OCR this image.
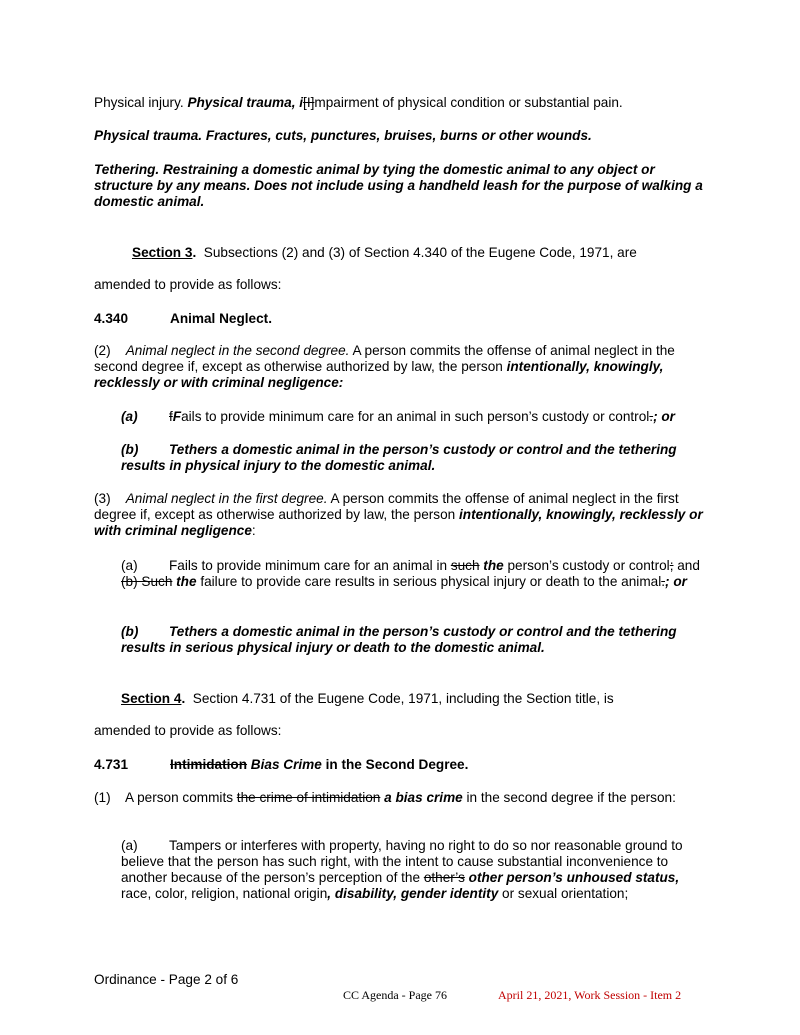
Physical injury. Physical trauma, i[I]mpairment of physical condition or substantial pain.

Physical trauma. Fractures, cuts, punctures, bruises, burns or other wounds.

Tethering. Restraining a domestic animal by tying the domestic animal to any object or structure by any means. Does not include using a handheld leash for the purpose of walking a domestic animal.

Section 3. Subsections (2) and (3) of Section 4.340 of the Eugene Code, 1971, are

amended to provide as follows:

4.340	Animal Neglect.

(2) Animal neglect in the second degree. A person commits the offense of animal neglect in the second degree if, except as otherwise authorized by law, the person intentionally, knowingly, recklessly or with criminal negligence:

(a) fFails to provide minimum care for an animal in such person’s custody or control.; or

(b) Tethers a domestic animal in the person’s custody or control and the tethering results in physical injury to the domestic animal.

(3) Animal neglect in the first degree. A person commits the offense of animal neglect in the first degree if, except as otherwise authorized by law, the person intentionally, knowingly, recklessly or with criminal negligence:

(a) Fails to provide minimum care for an animal in such the person’s custody or control; and (b) Such the failure to provide care results in serious physical injury or death to the animal.; or

(b) Tethers a domestic animal in the person’s custody or control and the tethering results in serious physical injury or death to the domestic animal.

Section 4. Section 4.731 of the Eugene Code, 1971, including the Section title, is

amended to provide as follows:

4.731	Intimidation Bias Crime in the Second Degree.

(1) A person commits the crime of intimidation a bias crime in the second degree if the person:

(a) Tampers or interferes with property, having no right to do so nor reasonable ground to believe that the person has such right, with the intent to cause substantial inconvenience to another because of the person’s perception of the other’s other person’s unhoused status, race, color, religion, national origin, disability, gender identity or sexual orientation;

Ordinance - Page 2 of 6
CC Agenda - Page 76	April 21, 2021, Work Session - Item 2
